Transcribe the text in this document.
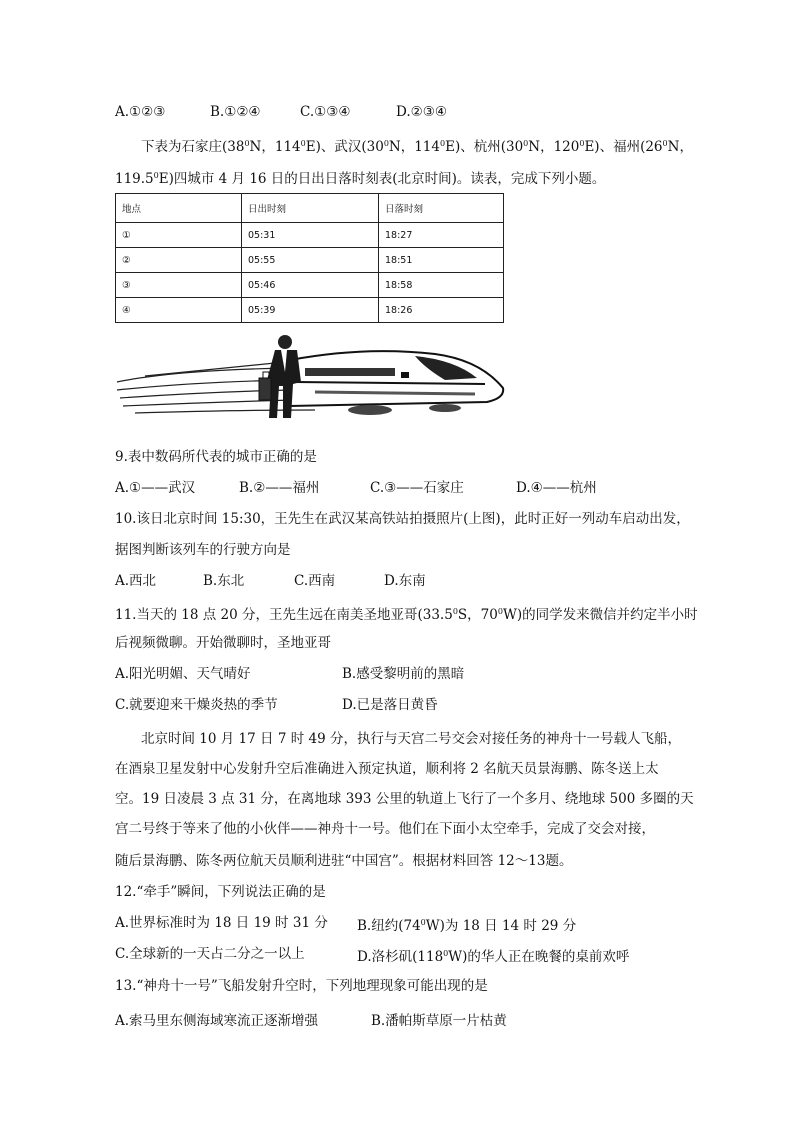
A.①②③	B.①②④	C.①③④	D.②③④
下表为石家庄($38^0N$，$114^0E$)、武汉($30^0N$，$114^0E$)、杭州($30^0N$，$120^0E$)、福州($26^0N$，
119.5$^0$E)四城市 4 月 16 日的日出日落时刻表(北京时间)。读表，完成下列小题。
地点	日出时刻	日落时刻
①	05:31	18:27
②	05:55	18:51
③	05:46	18:58
④	05:39	18:26
9.表中数码所代表的城市正确的是
A.①——武汉	B.②——福州	C.③——石家庄	D.④——杭州
10.该日北京时间 15:30，王先生在武汉某高铁站拍摄照片(上图)，此时正好一列动车启动出发，
据图判断该列车的行驶方向是
A.西北	B.东北	C.西南	D.东南
11.当天的 18 点 20 分，王先生远在南美圣地亚哥(33.5$^0$S，$70^0W$)的同学发来微信并约定半小时
后视频微聊。开始微聊时，圣地亚哥
A.阳光明媚、天气晴好	B.感受黎明前的黑暗
C.就要迎来干燥炎热的季节	D.已是落日黄昏
北京时间 10 月 17 日 7 时 49 分，执行与天宫二号交会对接任务的神舟十一号载人飞船，
在酒泉卫星发射中心发射升空后准确进入预定执道，顺利将 2 名航天员景海鹏、陈冬送上太
空。19 日凌晨 3 点 31 分，在离地球 393 公里的轨道上飞行了一个多月、绕地球 500 多圈的天
宫二号终于等来了他的小伙伴——神舟十一号。他们在下面小太空牵手，完成了交会对接，
随后景海鹏、陈冬两位航天员顺利进驻“中国宫”。根据材料回答 12～13题。
12.“牵手”瞬间，下列说法正确的是
A.世界标准时为 18 日 19 时 31 分 B.纽约$(74^0W)$为 18 日 14 时 29 分
C.全球新的一天占二分之一以上	D.洛杉矶$(118^0W)$的华人正在晚餐的桌前欢呼
13.“神舟十一号”飞船发射升空时，下列地理现象可能出现的是
A.索马里东侧海域寒流正逐渐增强	B.潘帕斯草原一片枯黄
